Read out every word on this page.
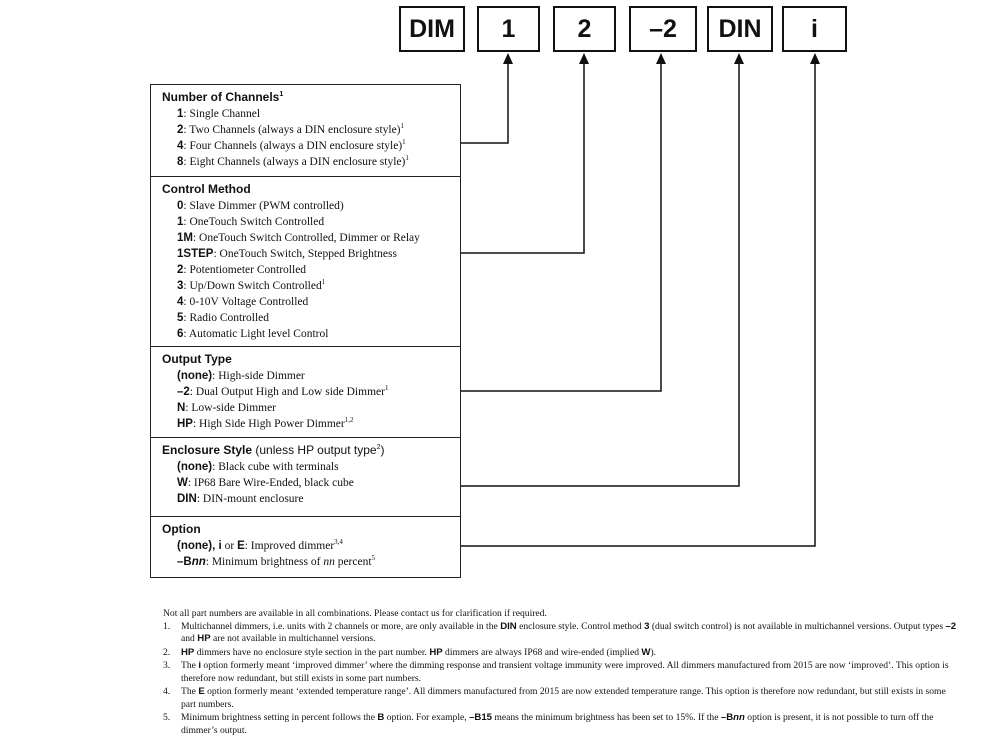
DIM 1 2 –2 DIN i
Number of Channels$^1$
1: Single Channel
2: Two Channels (always a DIN enclosure style)$^1$
4: Four Channels (always a DIN enclosure style)$^1$
8: Eight Channels (always a DIN enclosure style)$^1$
Control Method
0: Slave Dimmer (PWM controlled)
1: OneTouch Switch Controlled
1M: OneTouch Switch Controlled, Dimmer or Relay
1STEP: OneTouch Switch, Stepped Brightness
2: Potentiometer Controlled
3: Up/Down Switch Controlled$^1$
4: 0-10V Voltage Controlled
5: Radio Controlled
6: Automatic Light level Control
Output Type
(none): High-side Dimmer
–2: Dual Output High and Low side Dimmer$^1$
N: Low-side Dimmer
HP: High Side High Power Dimmer$^{1,2}$
Enclosure Style (unless HP output type$^2$)
(none): Black cube with terminals
W: IP68 Bare Wire-Ended, black cube
DIN: DIN-mount enclosure
Option
(none), i or E: Improved dimmer$^{3,4}$
–Bnn: Minimum brightness of nn percent$^5$

Not all part numbers are available in all combinations. Please contact us for clarification if required.

1. Multichannel dimmers, i.e. units with 2 channels or more, are only available in the DIN enclosure style. Control method 3 (dual switch control) is not available in multichannel versions. Output types –2 and HP are not available in multichannel versions.
2. HP dimmers have no enclosure style section in the part number. HP dimmers are always IP68 and wire-ended (implied W).
3. The i option formerly meant ‘improved dimmer’ where the dimming response and transient voltage immunity were improved. All dimmers manufactured from 2015 are now ‘improved’. This option is therefore now redundant, but still exists in some part numbers.
4. The E option formerly meant ‘extended temperature range’. All dimmers manufactured from 2015 are now extended temperature range. This option is therefore now redundant, but still exists in some part numbers.
5. Minimum brightness setting in percent follows the B option. For example, –B15 means the minimum brightness has been set to 15%. If the –Bnn option is present, it is not possible to turn off the dimmer’s output.
